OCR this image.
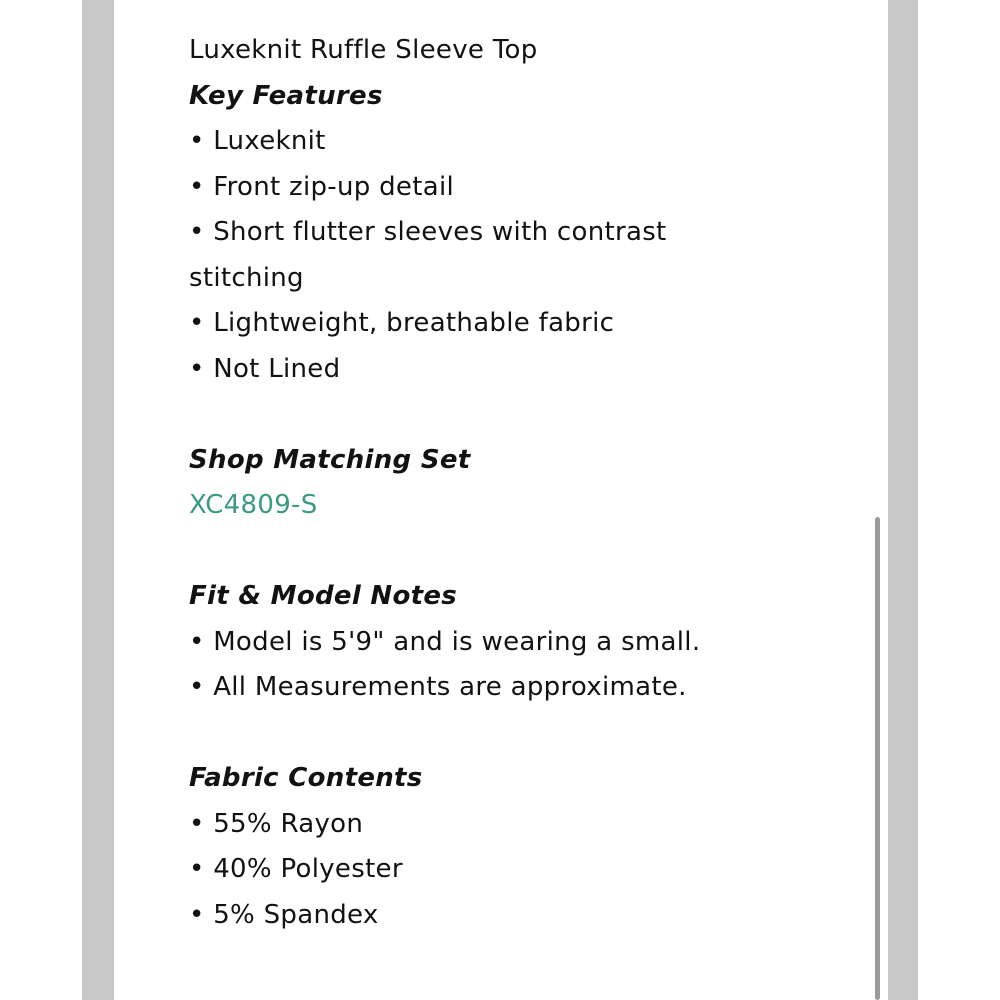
Luxeknit Ruffle Sleeve Top

Key Features

• Luxeknit
• Front zip-up detail
• Short flutter sleeves with contrast stitching
• Lightweight, breathable fabric
• Not Lined

Shop Matching Set

XC4809-S

Fit & Model Notes

• Model is 5'9" and is wearing a small.
• All Measurements are approximate.

Fabric Contents

• 55% Rayon
• 40% Polyester
• 5% Spandex
